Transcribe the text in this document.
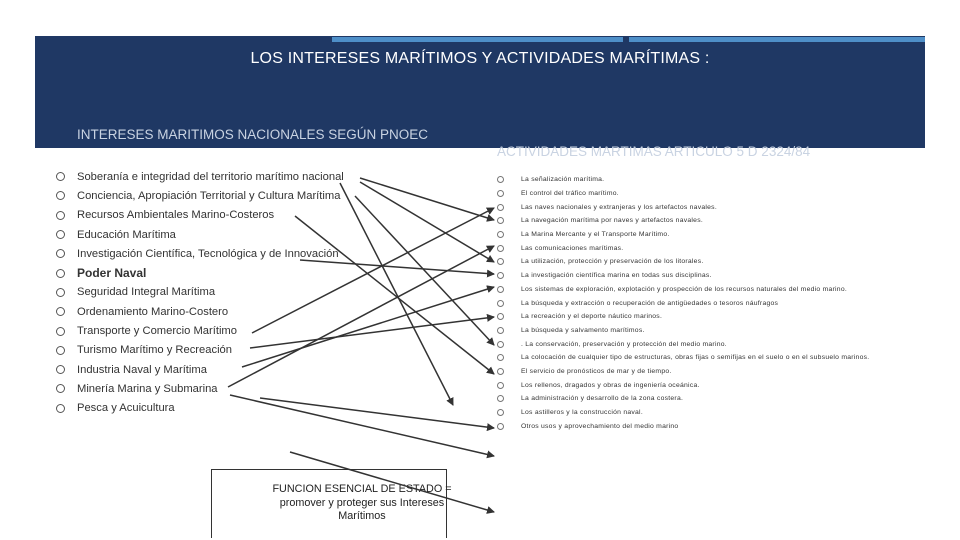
LOS INTERESES MARÍTIMOS Y ACTIVIDADES MARÍTIMAS :
INTERESES MARITIMOS NACIONALES SEGÚN PNOEC
ACTIVIDADES MARTIMAS ARTICULO 5 D 2324/84
Soberanía e integridad del territorio marítimo nacional
Conciencia, Apropiación Territorial y Cultura Marítima
Recursos Ambientales Marino-Costeros
Educación Marítima
Investigación Científica, Tecnológica y de Innovación
Poder Naval
Seguridad Integral Marítima
Ordenamiento Marino-Costero
Transporte y Comercio Marítimo
Turismo Marítimo y Recreación
Industria Naval y Marítima
Minería Marina y Submarina
Pesca y Acuicultura
La señalización marítima.
El control del tráfico marítimo.
Las naves nacionales y extranjeras y los artefactos navales.
La navegación marítima por naves y artefactos navales.
La Marina Mercante y el Transporte Marítimo.
Las comunicaciones marítimas.
La utilización, protección y preservación de los litorales.
La investigación científica marina en todas sus disciplinas.
Los sistemas de exploración, explotación y prospección de los recursos naturales del medio marino.
La búsqueda y extracción o recuperación de antigüedades o tesoros náufragos
La recreación y el deporte náutico marinos.
La búsqueda y salvamento marítimos.
. La conservación, preservación y protección del medio marino.
La colocación de cualquier tipo de estructuras, obras fijas o semifijas en el suelo o en el subsuelo marinos.
El servicio de pronósticos de mar y de tiempo.
Los rellenos, dragados y obras de ingeniería oceánica.
La administración y desarrollo de la zona costera.
Los astilleros y la construcción naval.
Otros usos y aprovechamiento del medio marino
FUNCION ESENCIAL DE ESTADO = promover y proteger sus Intereses Marítimos
